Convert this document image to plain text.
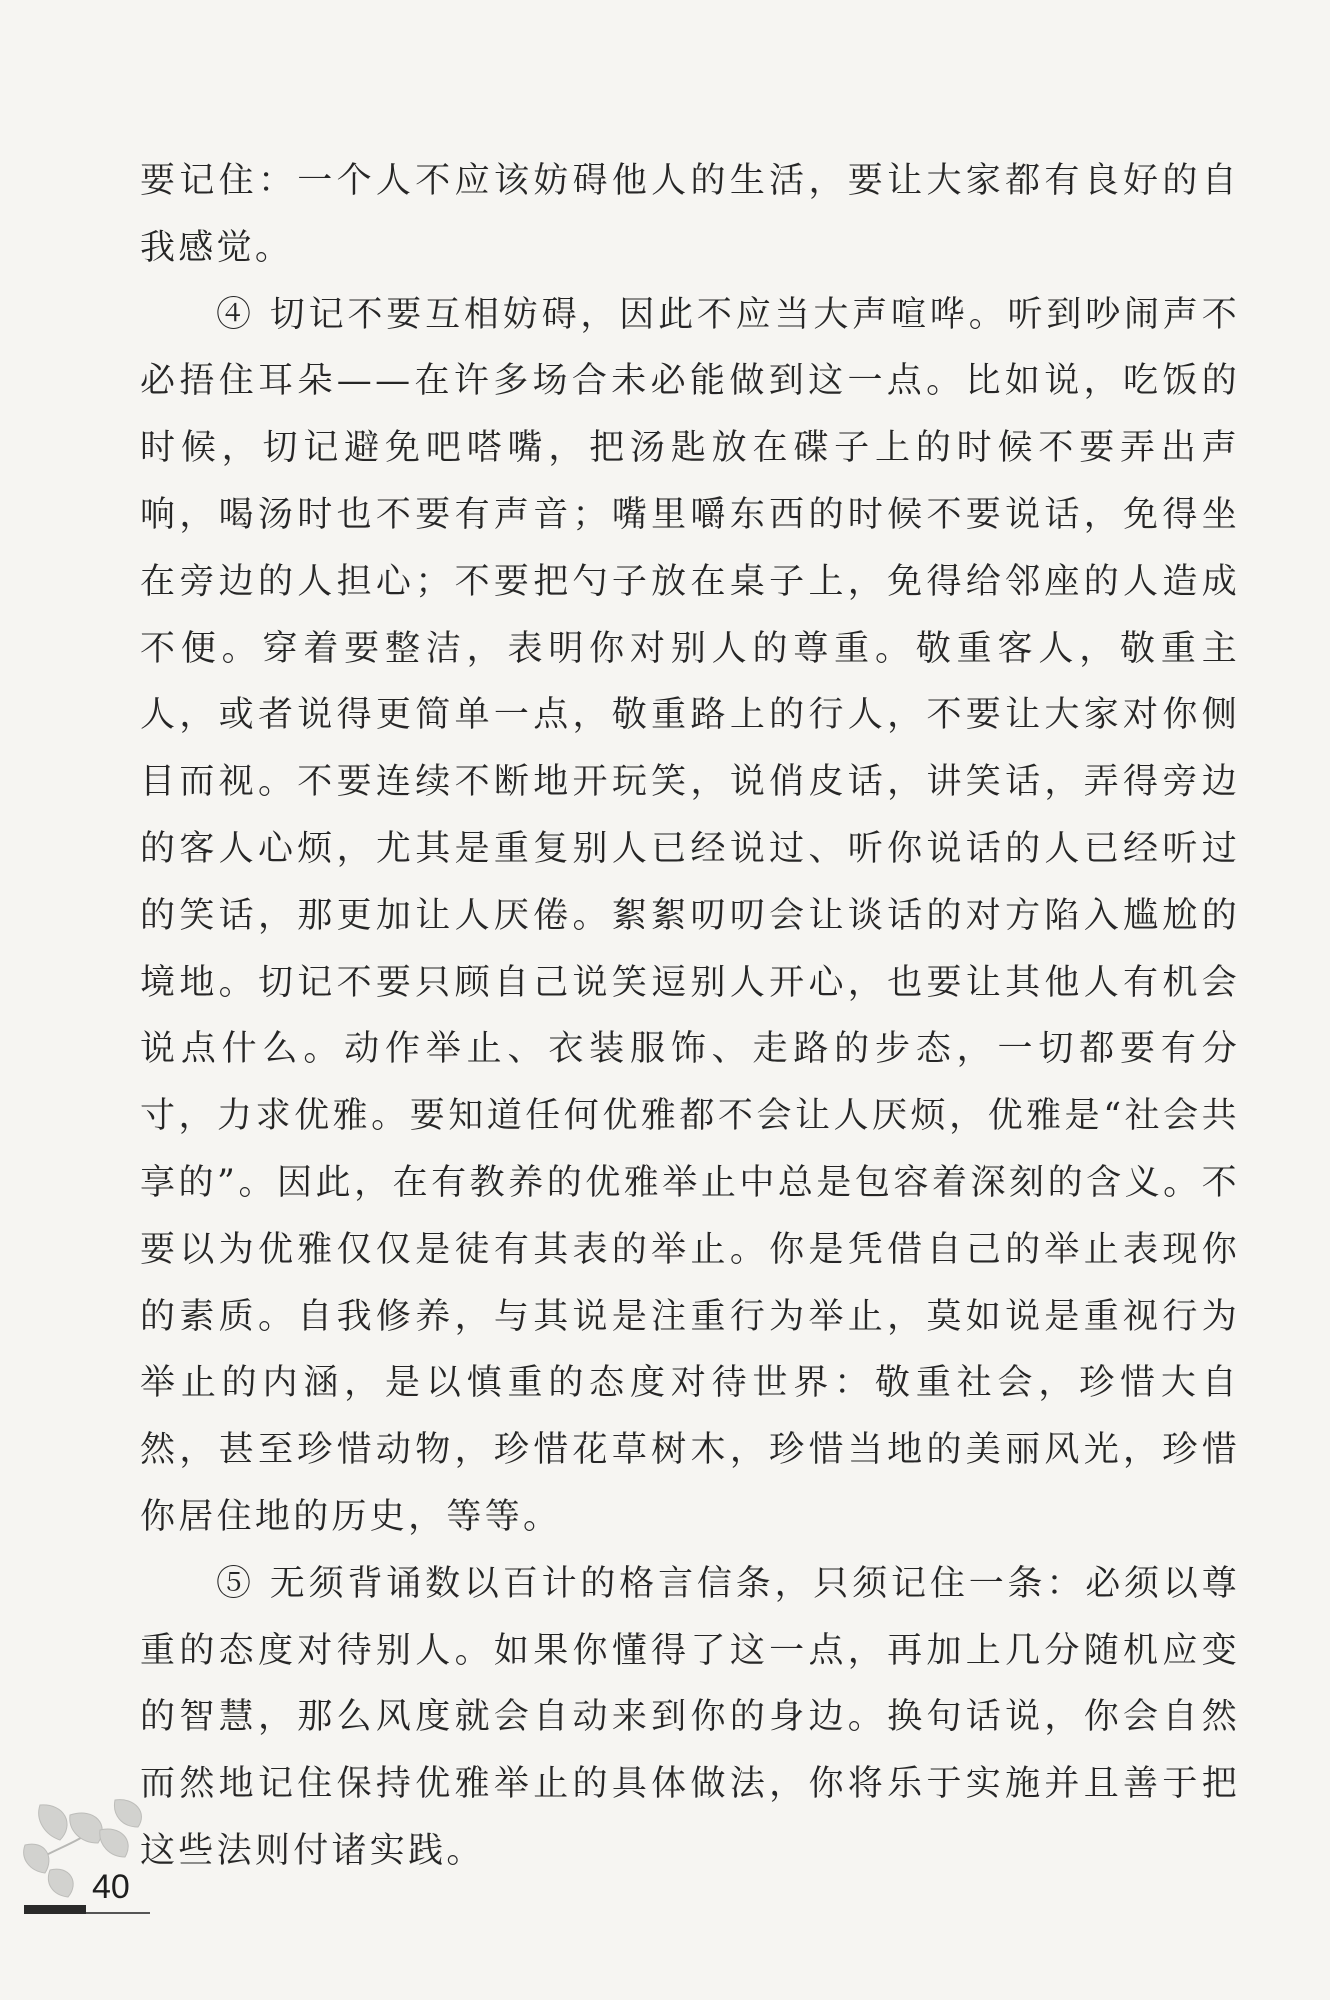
要记住：一个人不应该妨碍他人的生活，要让大家都有良好的自我感觉。

④ 切记不要互相妨碍，因此不应当大声喧哗。听到吵闹声不必捂住耳朵——在许多场合未必能做到这一点。比如说，吃饭的时候，切记避免吧嗒嘴，把汤匙放在碟子上的时候不要弄出声响，喝汤时也不要有声音；嘴里嚼东西的时候不要说话，免得坐在旁边的人担心；不要把勺子放在桌子上，免得给邻座的人造成不便。穿着要整洁，表明你对别人的尊重。敬重客人，敬重主人，或者说得更简单一点，敬重路上的行人，不要让大家对你侧目而视。不要连续不断地开玩笑，说俏皮话，讲笑话，弄得旁边的客人心烦，尤其是重复别人已经说过、听你说话的人已经听过的笑话，那更加让人厌倦。絮絮叨叨会让谈话的对方陷入尴尬的境地。切记不要只顾自己说笑逗别人开心，也要让其他人有机会说点什么。动作举止、衣装服饰、走路的步态，一切都要有分寸，力求优雅。要知道任何优雅都不会让人厌烦，优雅是“社会共享的”。因此，在有教养的优雅举止中总是包容着深刻的含义。不要以为优雅仅仅是徒有其表的举止。你是凭借自己的举止表现你的素质。自我修养，与其说是注重行为举止，莫如说是重视行为举止的内涵，是以慎重的态度对待世界：敬重社会，珍惜大自然，甚至珍惜动物，珍惜花草树木，珍惜当地的美丽风光，珍惜你居住地的历史，等等。

⑤ 无须背诵数以百计的格言信条，只须记住一条：必须以尊重的态度对待别人。如果你懂得了这一点，再加上几分随机应变的智慧，那么风度就会自动来到你的身边。换句话说，你会自然而然地记住保持优雅举止的具体做法，你将乐于实施并且善于把这些法则付诸实践。

40
